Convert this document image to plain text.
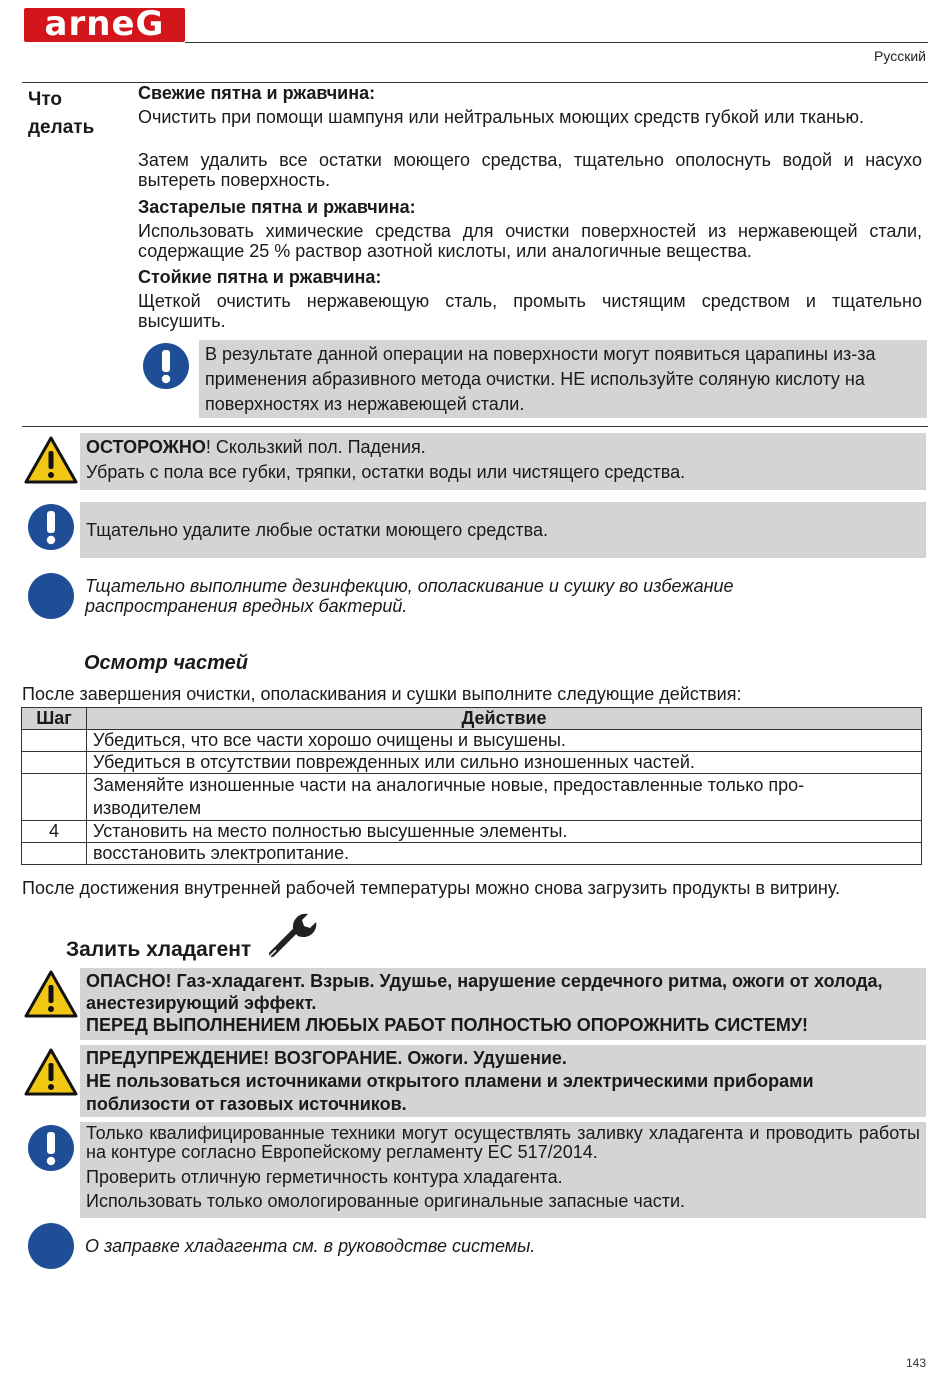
arneG
Русский
Что
делать
Свежие пятна и ржавчина:
Очистить при помощи шампуня или нейтральных моющих средств губкой или тканью.
Затем удалить все остатки моющего средства, тщательно ополоснуть водой и насухо вытереть поверхность.
Застарелые пятна и ржавчина:
Использовать химические средства для очистки поверхностей из нержавеющей стали, содержащие 25 % раствор азотной кислоты, или аналогичные вещества.
Стойкие пятна и ржавчина:
Щеткой очистить нержавеющую сталь, промыть чистящим средством и тщательно высушить.
В результате данной операции на поверхности могут появиться царапины из-за применения абразивного метода очистки. НЕ используйте соляную кислоту на поверхностях из нержавеющей стали.
ОСТОРОЖНО! Скользкий пол. Падения.
Убрать с пола все губки, тряпки, остатки воды или чистящего средства.
Тщательно удалите любые остатки моющего средства.
Тщательно выполните дезинфекцию, ополаскивание и сушку во избежание распространения вредных бактерий.
Осмотр частей
После завершения очистки, ополаскивания и сушки выполните следующие действия:
Шаг	Действие
	Убедиться, что все части хорошо очищены и высушены.
	Убедиться в отсутствии поврежденных или сильно изношенных частей.
	Заменяйте изношенные части на аналогичные новые, предоставленные только про-изводителем
4	Установить на место полностью высушенные элементы.
	восстановить электропитание.
После достижения внутренней рабочей температуры можно снова загрузить продукты в витрину.
Залить хладагент
ОПАСНО! Газ-хладагент. Взрыв. Удушье, нарушение сердечного ритма, ожоги от холода, анестезирующий эффект.
ПЕРЕД ВЫПОЛНЕНИЕМ ЛЮБЫХ РАБОТ ПОЛНОСТЬЮ ОПОРОЖНИТЬ СИСТЕМУ!
ПРЕДУПРЕЖДЕНИЕ! ВОЗГОРАНИЕ. Ожоги. Удушение.
НЕ пользоваться источниками открытого пламени и электрическими приборами поблизости от газовых источников.
Только квалифицированные техники могут осуществлять заливку хладагента и проводить работы на контуре согласно Европейскому регламенту ЕС 517/2014.
Проверить отличную герметичность контура хладагента.
Использовать только омологированные оригинальные запасные части.
О заправке хладагента см. в руководстве системы.
143
